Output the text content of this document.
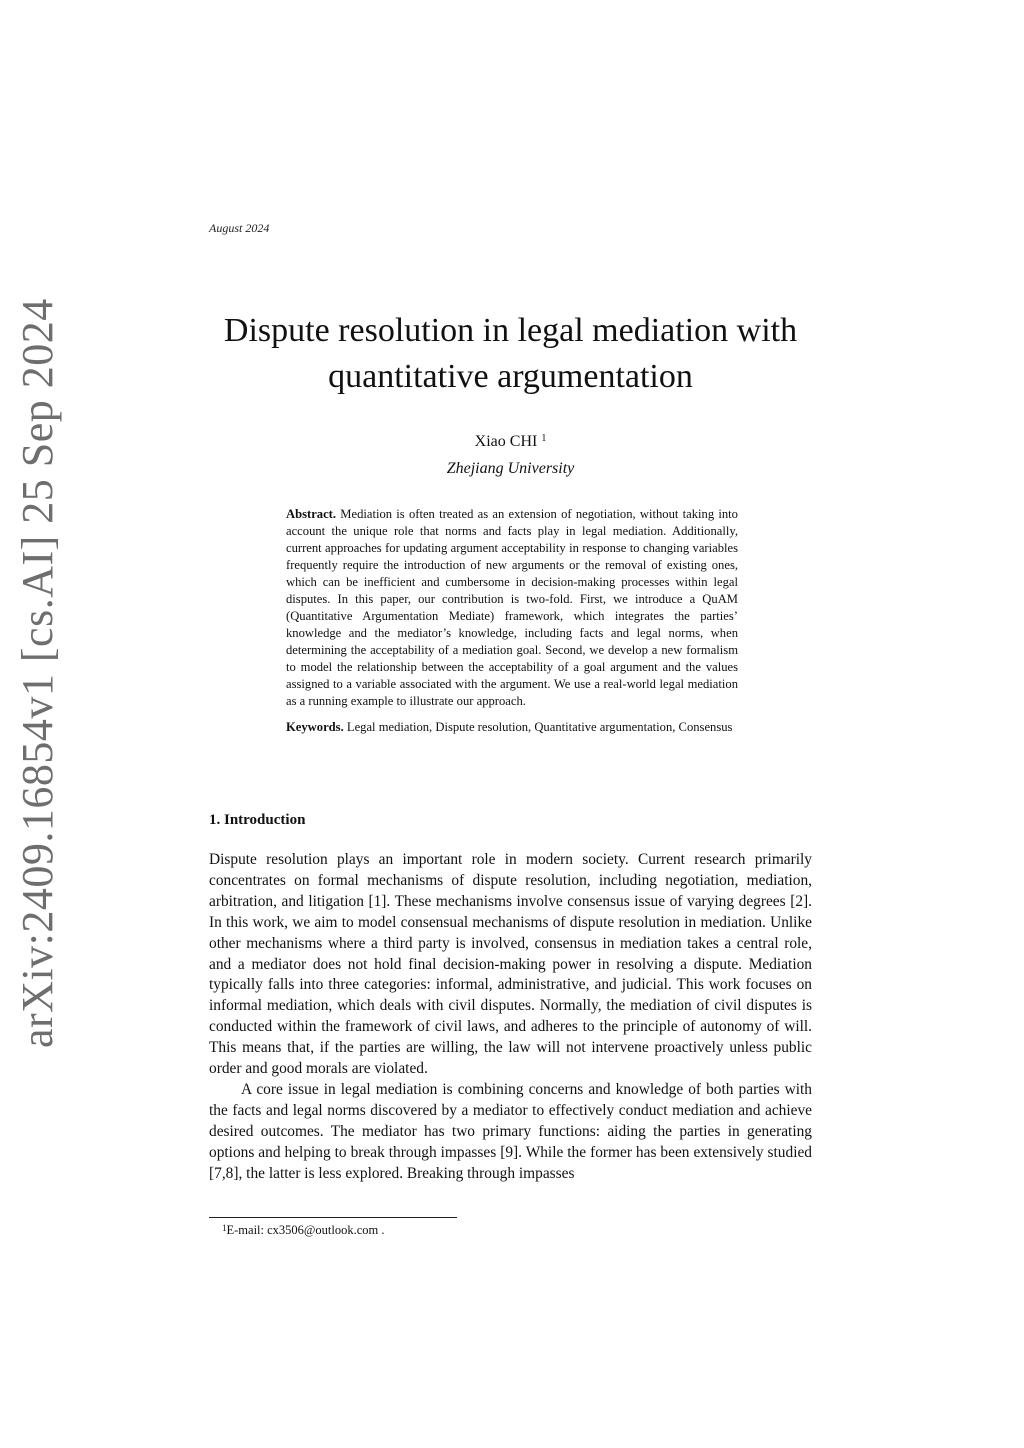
arXiv:2409.16854v1 [cs.AI] 25 Sep 2024
August 2024
Dispute resolution in legal mediation with quantitative argumentation
Xiao CHI $^1$
Zhejiang University

Abstract. Mediation is often treated as an extension of negotiation, without taking into account the unique role that norms and facts play in legal mediation. Additionally, current approaches for updating argument acceptability in response to changing variables frequently require the introduction of new arguments or the removal of existing ones, which can be inefficient and cumbersome in decision-making processes within legal disputes. In this paper, our contribution is two-fold. First, we introduce a QuAM (Quantitative Argumentation Mediate) framework, which integrates the parties’ knowledge and the mediator’s knowledge, including facts and legal norms, when determining the acceptability of a mediation goal. Second, we develop a new formalism to model the relationship between the acceptability of a goal argument and the values assigned to a variable associated with the argument. We use a real-world legal mediation as a running example to illustrate our approach.

Keywords. Legal mediation, Dispute resolution, Quantitative argumentation, Consensus

1. Introduction

Dispute resolution plays an important role in modern society. Current research primarily concentrates on formal mechanisms of dispute resolution, including negotiation, mediation, arbitration, and litigation [1]. These mechanisms involve consensus issue of varying degrees [2]. In this work, we aim to model consensual mechanisms of dispute resolution in mediation. Unlike other mechanisms where a third party is involved, consensus in mediation takes a central role, and a mediator does not hold final decision-making power in resolving a dispute. Mediation typically falls into three categories: informal, administrative, and judicial. This work focuses on informal mediation, which deals with civil disputes. Normally, the mediation of civil disputes is conducted within the framework of civil laws, and adheres to the principle of autonomy of will. This means that, if the parties are willing, the law will not intervene proactively unless public order and good morals are violated.

A core issue in legal mediation is combining concerns and knowledge of both parties with the facts and legal norms discovered by a mediator to effectively conduct mediation and achieve desired outcomes. The mediator has two primary functions: aiding the parties in generating options and helping to break through impasses [9]. While the former has been extensively studied [7,8], the latter is less explored. Breaking through impasses

$^1$E-mail: cx3506@outlook.com .
